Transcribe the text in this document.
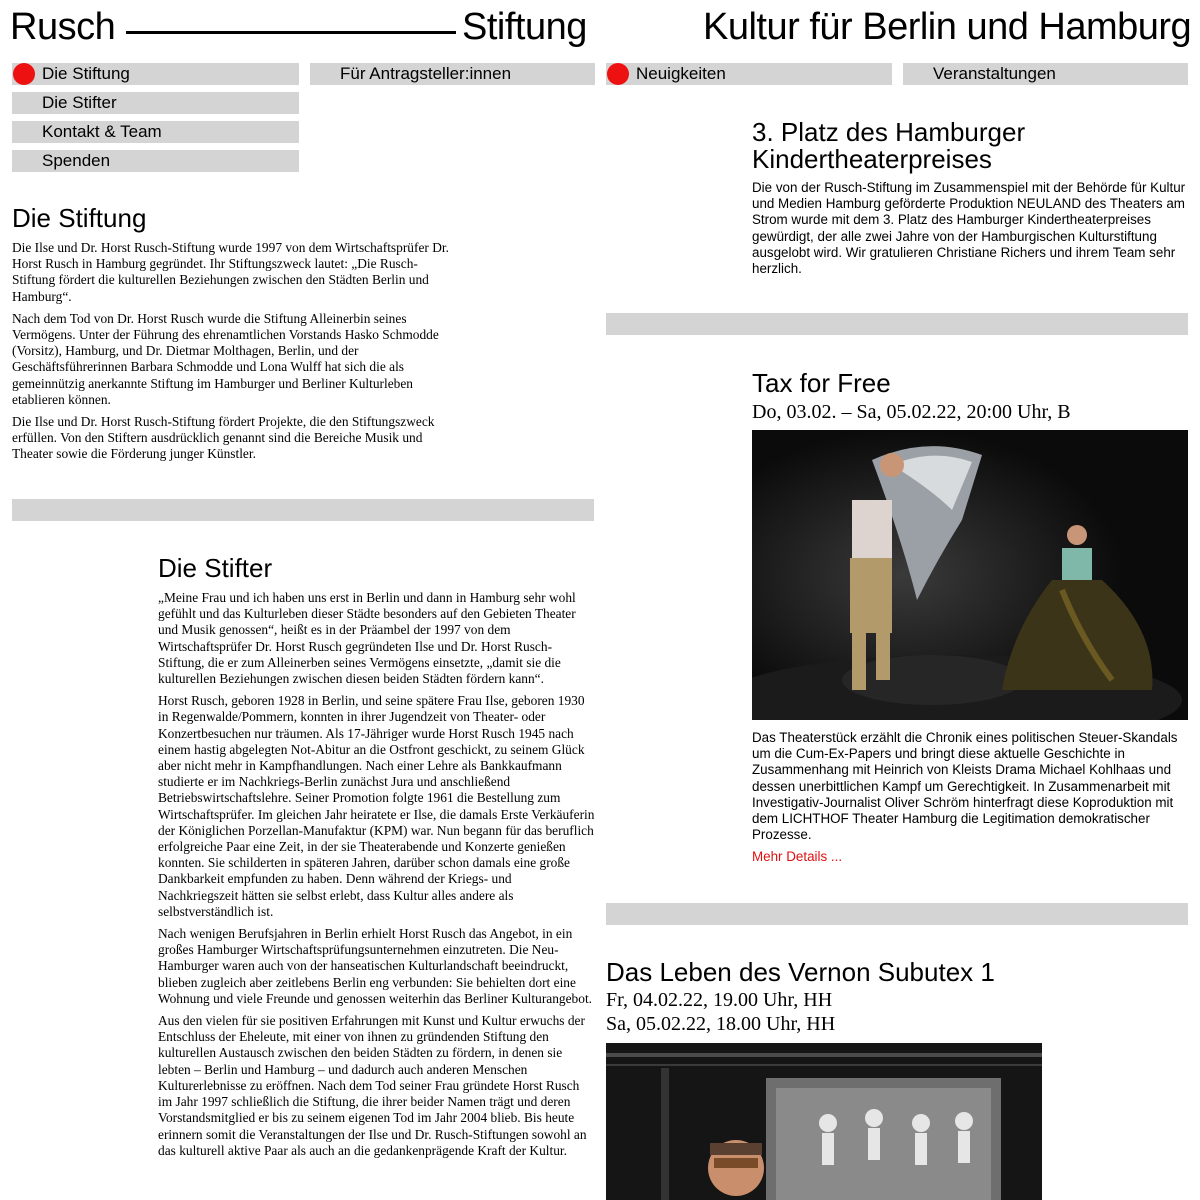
Rusch	Stiftung	Kultur für Berlin und Hamburg
Die Stiftung	Für Antragsteller:innen	Neuigkeiten	Veranstaltungen
Die Stifter
Kontakt & Team
Spenden
Die Stiftung

Die Ilse und Dr. Horst Rusch-Stiftung wurde 1997 von dem Wirtschaftsprüfer Dr. Horst Rusch in Hamburg gegründet. Ihr Stiftungszweck lautet: „Die Rusch-Stiftung fördert die kulturellen Beziehungen zwischen den Städten Berlin und Hamburg“.

Nach dem Tod von Dr. Horst Rusch wurde die Stiftung Alleinerbin seines Vermögens. Unter der Führung des ehrenamtlichen Vorstands Hasko Schmodde (Vorsitz), Hamburg, und Dr. Dietmar Molthagen, Berlin, und der Geschäftsführerinnen Barbara Schmodde und Lona Wulff hat sich die als gemeinnützig anerkannte Stiftung im Hamburger und Berliner Kulturleben etablieren können.

Die Ilse und Dr. Horst Rusch-Stiftung fördert Projekte, die den Stiftungszweck erfüllen. Von den Stiftern ausdrücklich genannt sind die Bereiche Musik und Theater sowie die Förderung junger Künstler.

Die Stifter

„Meine Frau und ich haben uns erst in Berlin und dann in Hamburg sehr wohl gefühlt und das Kulturleben dieser Städte besonders auf den Gebieten Theater und Musik genossen“, heißt es in der Präambel der 1997 von dem Wirtschaftsprüfer Dr. Horst Rusch gegründeten Ilse und Dr. Horst Rusch-Stiftung, die er zum Alleinerben seines Vermögens einsetzte, „damit sie die kulturellen Beziehungen zwischen diesen beiden Städten fördern kann“.

Horst Rusch, geboren 1928 in Berlin, und seine spätere Frau Ilse, geboren 1930 in Regenwalde/Pommern, konnten in ihrer Jugendzeit von Theater- oder Konzertbesuchen nur träumen. Als 17-Jähriger wurde Horst Rusch 1945 nach einem hastig abgelegten Not-Abitur an die Ostfront geschickt, zu seinem Glück aber nicht mehr in Kampfhandlungen. Nach einer Lehre als Bankkaufmann studierte er im Nachkriegs-Berlin zunächst Jura und anschließend Betriebswirtschaftslehre. Seiner Promotion folgte 1961 die Bestellung zum Wirtschaftsprüfer. Im gleichen Jahr heiratete er Ilse, die damals Erste Verkäuferin der Königlichen Porzellan-Manufaktur (KPM) war. Nun begann für das beruflich erfolgreiche Paar eine Zeit, in der sie Theaterabende und Konzerte genießen konnten. Sie schilderten in späteren Jahren, darüber schon damals eine große Dankbarkeit empfunden zu haben. Denn während der Kriegs- und Nachkriegszeit hätten sie selbst erlebt, dass Kultur alles andere als selbstverständlich ist.

Nach wenigen Berufsjahren in Berlin erhielt Horst Rusch das Angebot, in ein großes Hamburger Wirtschaftsprüfungsunternehmen einzutreten. Die Neu-Hamburger waren auch von der hanseatischen Kulturlandschaft beeindruckt, blieben zugleich aber zeitlebens Berlin eng verbunden: Sie behielten dort eine Wohnung und viele Freunde und genossen weiterhin das Berliner Kulturangebot.

Aus den vielen für sie positiven Erfahrungen mit Kunst und Kultur erwuchs der Entschluss der Eheleute, mit einer von ihnen zu gründenden Stiftung den kulturellen Austausch zwischen den beiden Städten zu fördern, in denen sie lebten – Berlin und Hamburg – und dadurch auch anderen Menschen Kulturerlebnisse zu eröffnen. Nach dem Tod seiner Frau gründete Horst Rusch im Jahr 1997 schließlich die Stiftung, die ihrer beider Namen trägt und deren Vorstandsmitglied er bis zu seinem eigenen Tod im Jahr 2004 blieb. Bis heute erinnern somit die Veranstaltungen der Ilse und Dr. Rusch-Stiftungen sowohl an das kulturell aktive Paar als auch an die gedankenprägende Kraft der Kultur.

3. Platz des Hamburger Kindertheaterpreises
Die von der Rusch-Stiftung im Zusammenspiel mit der Behörde für Kultur und Medien Hamburg geförderte Produktion NEULAND des Theaters am Strom wurde mit dem 3. Platz des Hamburger Kindertheaterpreises gewürdigt, der alle zwei Jahre von der Hamburgischen Kulturstiftung ausgelobt wird. Wir gratulieren Christiane Richers und ihrem Team sehr herzlich.
Tax for Free
Do, 03.02. – Sa, 05.02.22, 20:00 Uhr, B
Das Theaterstück erzählt die Chronik eines politischen Steuer-Skandals um die Cum-Ex-Papers und bringt diese aktuelle Geschichte in Zusammenhang mit Heinrich von Kleists Drama Michael Kohlhaas und dessen unerbittlichen Kampf um Gerechtigkeit. In Zusammenarbeit mit Investigativ-Journalist Oliver Schröm hinterfragt diese Koproduktion mit dem LICHTHOF Theater Hamburg die Legitimation demokratischer Prozesse.
Mehr Details ...
Das Leben des Vernon Subutex 1
Fr, 04.02.22, 19.00 Uhr, HH
Sa, 05.02.22, 18.00 Uhr, HH
